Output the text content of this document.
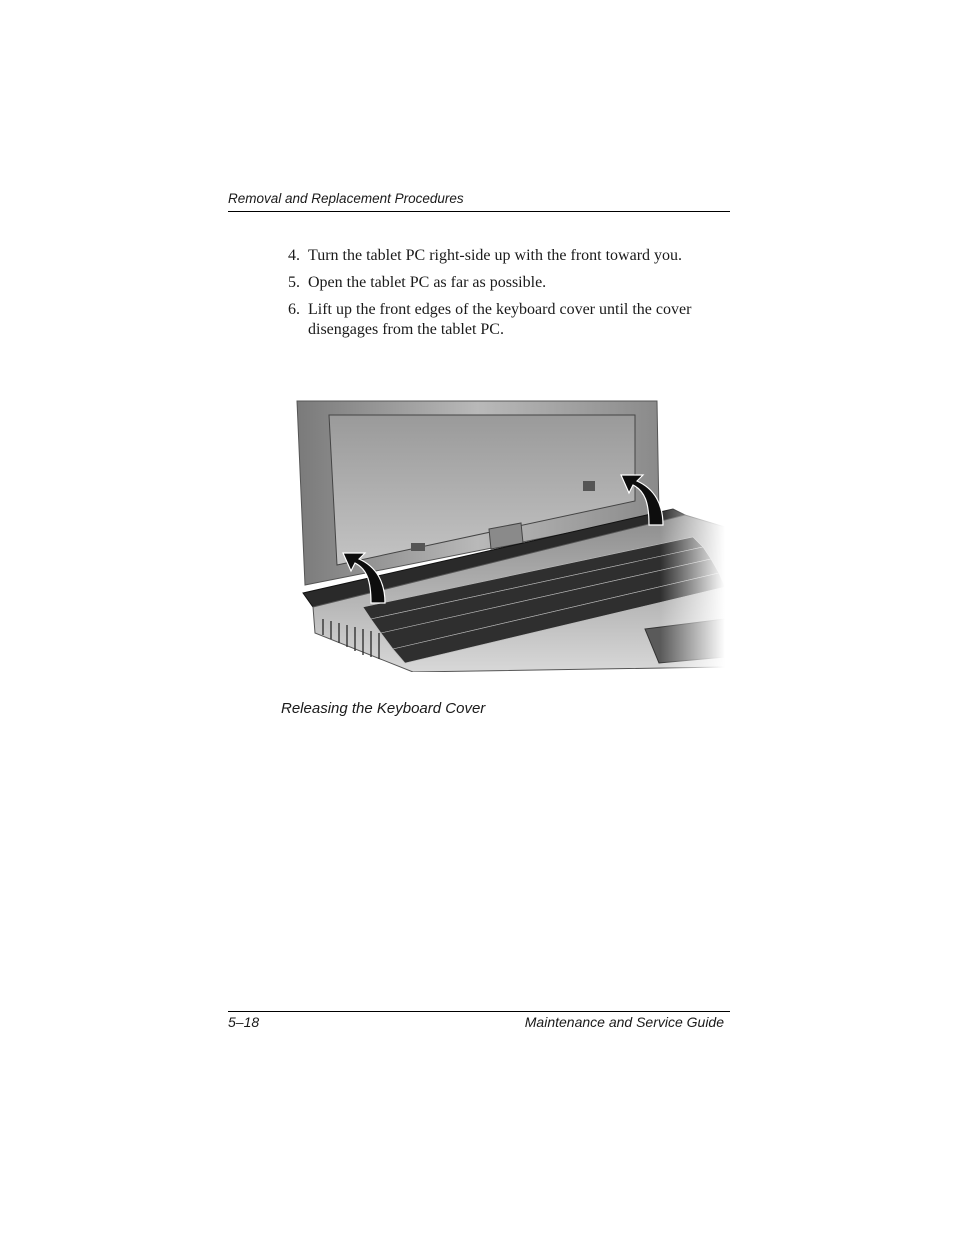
Removal and Replacement Procedures
4. Turn the tablet PC right-side up with the front toward you.
5. Open the tablet PC as far as possible.
6. Lift up the front edges of the keyboard cover until the cover disengages from the tablet PC.
Releasing the Keyboard Cover
5–18	Maintenance and Service Guide
